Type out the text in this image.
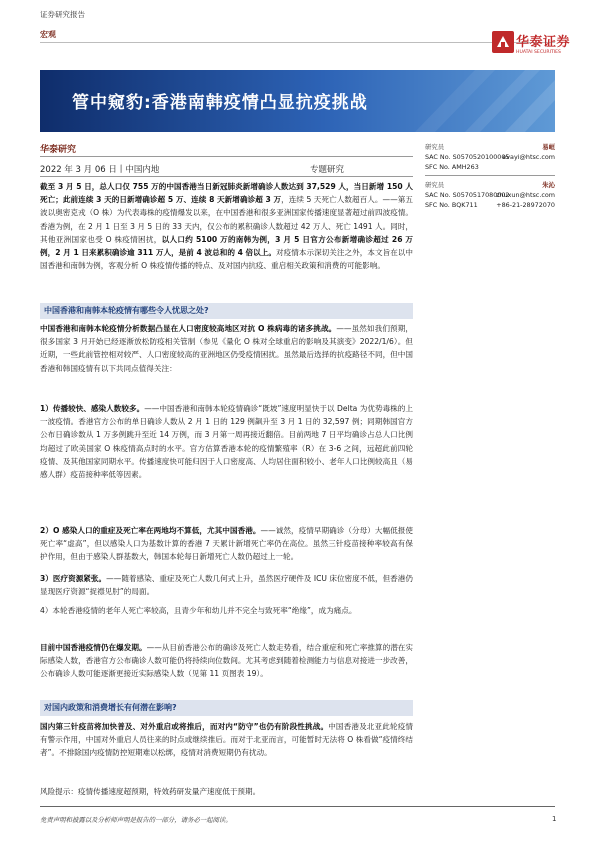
证券研究报告
宏观
华泰证券
HUATAI SECURITIES
管中窥豹:香港南韩疫情凸显抗疫挑战
华泰研究
2022 年 3 月 06 日丨中国内地	专题研究
研究员	易峘
SAC No. S0570520100005
evayi@htsc.com
SFC No. AMH263
研究员	朱沁
SAC No. S0570517080002
zhuxun@htsc.com
SFC No. BQK711	+86-21-28972070
截至 3 月 5 日，总人口仅 755 万的中国香港当日新冠肺炎新增确诊人数达到 37,529 人，当日新增 150 人死亡；此前连续 3 天的日新增确诊超 5 万、连续 8 天新增确诊超 3 万，连续 5 天死亡人数超百人。——第五波以奥密克戎（O 株）为代表毒株的疫情爆发以来，在中国香港和很多亚洲国家传播速度显著超过前四波疫情。香港为例，在 2 月 1 日至 3 月 5 日的 33 天内，仅公布的累积确诊人数超过 42 万人、死亡 1491 人。同时，其他亚洲国家也受 O 株疫情困扰，以人口约 5100 万的南韩为例，3 月 5 日官方公布新增确诊超过 26 万例，2 月 1 日来累积确诊逾 311 万人，是前 4 波总和的 4 倍以上。对疫情本示深切关注之外，本文旨在以中国香港和南韩为例，客观分析 O 株疫情传播的特点、及对国内抗疫、重启相关政策和消费的可能影响。
中国香港和南韩本轮疫情有哪些令人忧思之处?
中国香港和南韩本轮疫情分析数据凸显在人口密度较高地区对抗 O 株病毒的诸多挑战。——虽然如我们预期，很多国家 3 月开始已经逐渐放松防疫相关管制（参见《量化 O 株对全球重启的影响及其演变》2022/1/6）。但近期，一些此前管控相对较严、人口密度较高的亚洲地区仍受疫情困扰。虽然最后选择的抗疫路径不同，但中国香港和韩国疫情有以下共同点值得关注：
1）传播较快、感染人数较多。——中国香港和南韩本轮疫情确诊“既坡”速度明显快于以 Delta 为优势毒株的上一波疫情。香港官方公布的单日确诊人数从 2 月 1 日的 129 例飙升至 3 月 1 日的 32,597 例；同期韩国官方公布日确诊数从 1 万多例跳升至近 14 万例，而 3 月第一周再接近翻倍。目前两地 7 日平均确诊占总人口比例均超过了欧美国家 O 株疫情高点时的水平。官方估算香港本轮的疫情繁殖率（R）在 3-6 之间，远超此前四轮疫情、及其他国家同期水平。传播速度快可能归因于人口密度高、人均居住面积较小、老年人口比例较高且（易感人群）疫苗接种率低等因素。
2）O 感染人口的重症及死亡率在两地均不算低，尤其中国香港。——诚然，疫情早期确诊（分母）大幅低报使死亡率“虚高”，但以感染人口为基数计算的香港 7 天累计新增死亡率仍在高位。虽然三针疫苗接种率较高有保护作用，但由于感染人群基数大，韩国本轮每日新增死亡人数仍超过上一轮。
3）医疗资源紧张。——随着感染、重症及死亡人数几何式上升，虽然医疗硬件及 ICU 床位密度不低，但香港仍显现医疗资源“捉襟见肘”的局面。
4）本轮香港疫情的老年人死亡率较高，且青少年和幼儿并不完全与致死率“绝缘”，成为痛点。
目前中国香港疫情仍在爆发期。——从目前香港公布的确诊及死亡人数走势看，结合重症和死亡率推算的潜在实际感染人数，香港官方公布确诊人数可能仍将持续向位数间。尤其考虑到随着检测能力与信息对接进一步改善，公布确诊人数可能逐渐更接近实际感染人数（见第 11 页图表 19）。
对国内政策和消费增长有何潜在影响?
国内第三针疫苗将加快普及、对外重启或将推后，而对内“防守”也仍有阶段性挑战。中国香港及北亚此轮疫情有警示作用，中国对外重启人员往来的时点或继续推后。而对于北亚而言，可能暂时无法将 O 株看做“疫情终结者”。不排除国内疫情防控短期难以松绑，疫情对消费短期仍有扰动。
风险提示：疫情传播速度超预期，特效药研发量产速度低于预期。
免责声明和披露以及分析师声明是报告的一部分，请务必一起阅读。	1
